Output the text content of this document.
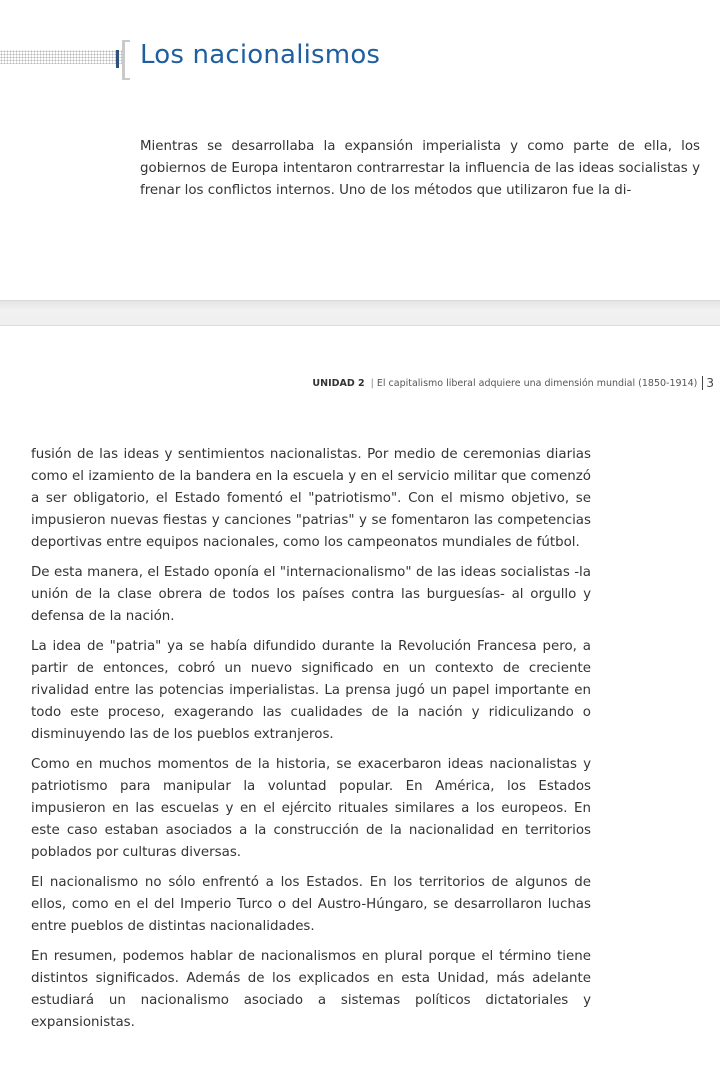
Los nacionalismos

Mientras se desarrollaba la expansión imperialista y como parte de ella, los gobiernos de Europa intentaron contrarrestar la influencia de las ideas socialistas y frenar los conflictos internos. Uno de los métodos que utilizaron fue la di-

UNIDAD 2 | El capitalismo liberal adquiere una dimensión mundial (1850-1914) 3

fusión de las ideas y sentimientos nacionalistas. Por medio de ceremonias diarias como el izamiento de la bandera en la escuela y en el servicio militar que comenzó a ser obligatorio, el Estado fomentó el "patriotismo". Con el mismo objetivo, se impusieron nuevas fiestas y canciones "patrias" y se fomentaron las competencias deportivas entre equipos nacionales, como los campeonatos mundiales de fútbol.

De esta manera, el Estado oponía el "internacionalismo" de las ideas socialistas -la unión de la clase obrera de todos los países contra las burguesías- al orgullo y defensa de la nación.

La idea de "patria" ya se había difundido durante la Revolución Francesa pero, a partir de entonces, cobró un nuevo significado en un contexto de creciente rivalidad entre las potencias imperialistas. La prensa jugó un papel importante en todo este proceso, exagerando las cualidades de la nación y ridiculizando o disminuyendo las de los pueblos extranjeros.

Como en muchos momentos de la historia, se exacerbaron ideas nacionalistas y patriotismo para manipular la voluntad popular. En América, los Estados impusieron en las escuelas y en el ejército rituales similares a los europeos. En este caso estaban asociados a la construcción de la nacionalidad en territorios poblados por culturas diversas.

El nacionalismo no sólo enfrentó a los Estados. En los territorios de algunos de ellos, como en el del Imperio Turco o del Austro-Húngaro, se desarrollaron luchas entre pueblos de distintas nacionalidades.

En resumen, podemos hablar de nacionalismos en plural porque el término tiene distintos significados. Además de los explicados en esta Unidad, más adelante estudiará un nacionalismo asociado a sistemas políticos dictatoriales y expansionistas.
